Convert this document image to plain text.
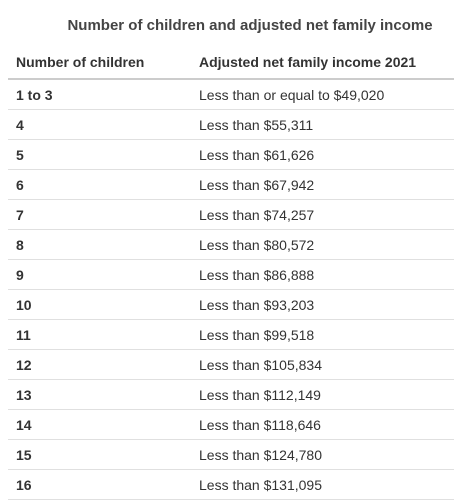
Number of children and adjusted net family income
Number of children	Adjusted net family income 2021
1 to 3	Less than or equal to $49,020
4	Less than $55,311
5	Less than $61,626
6	Less than $67,942
7	Less than $74,257
8	Less than $80,572
9	Less than $86,888
10	Less than $93,203
11	Less than $99,518
12	Less than $105,834
13	Less than $112,149
14	Less than $118,646
15	Less than $124,780
16	Less than $131,095
